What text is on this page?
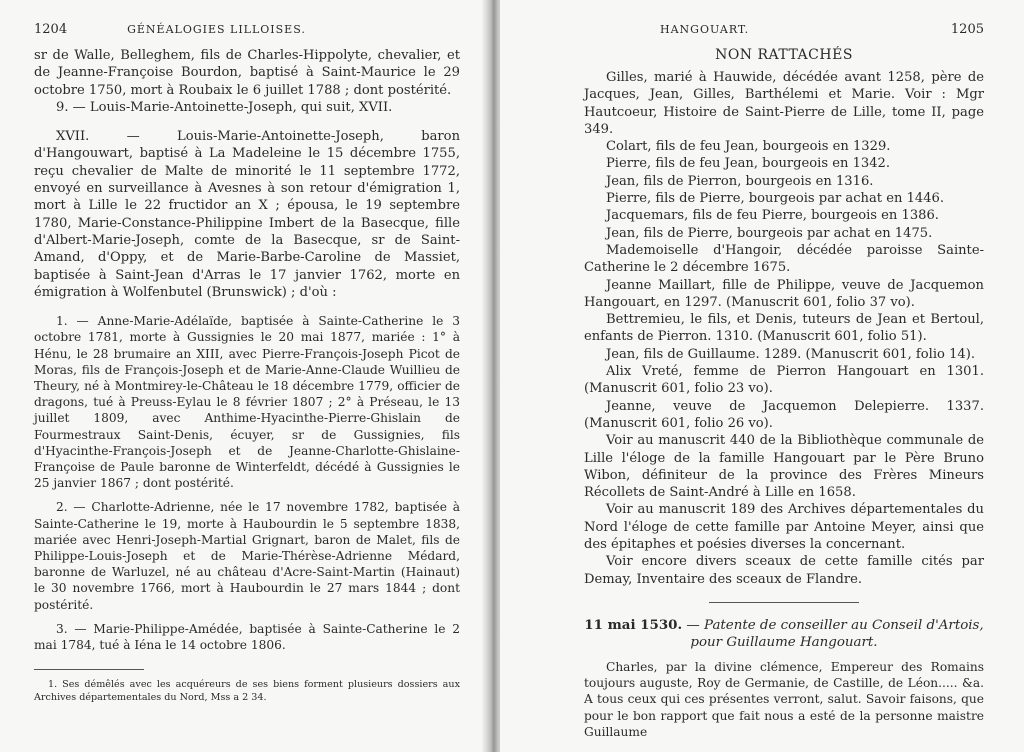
1204	GÉNÉALOGIES LILLOISES.

sr de Walle, Belleghem, fils de Charles-Hippolyte, chevalier, et de Jeanne-Françoise Bourdon, baptisé à Saint-Maurice le 29 octobre 1750, mort à Roubaix le 6 juillet 1788 ; dont postérité.

9. — Louis-Marie-Antoinette-Joseph, qui suit, XVII.

XVII. — Louis-Marie-Antoinette-Joseph, baron d'Hangouwart, baptisé à La Madeleine le 15 décembre 1755, reçu chevalier de Malte de minorité le 11 septembre 1772, envoyé en surveillance à Avesnes à son retour d'émigration 1, mort à Lille le 22 fructidor an X ; épousa, le 19 septembre 1780, Marie-Constance-Philippine Imbert de la Basecque, fille d'Albert-Marie-Joseph, comte de la Basecque, sr de Saint-Amand, d'Oppy, et de Marie-Barbe-Caroline de Massiet, baptisée à Saint-Jean d'Arras le 17 janvier 1762, morte en émigration à Wolfenbutel (Brunswick) ; d'où :

1. — Anne-Marie-Adélaïde, baptisée à Sainte-Catherine le 3 octobre 1781, morte à Gussignies le 20 mai 1877, mariée : 1° à Hénu, le 28 brumaire an XIII, avec Pierre-François-Joseph Picot de Moras, fils de François-Joseph et de Marie-Anne-Claude Wuillieu de Theury, né à Montmirey-le-Château le 18 décembre 1779, officier de dragons, tué à Preuss-Eylau le 8 février 1807 ; 2° à Préseau, le 13 juillet 1809, avec Anthime-Hyacinthe-Pierre-Ghislain de Fourmestraux Saint-Denis, écuyer, sr de Gussignies, fils d'Hyacinthe-François-Joseph et de Jeanne-Charlotte-Ghislaine-Françoise de Paule baronne de Winterfeldt, décédé à Gussignies le 25 janvier 1867 ; dont postérité.

2. — Charlotte-Adrienne, née le 17 novembre 1782, baptisée à Sainte-Catherine le 19, morte à Haubourdin le 5 septembre 1838, mariée avec Henri-Joseph-Martial Grignart, baron de Malet, fils de Philippe-Louis-Joseph et de Marie-Thérèse-Adrienne Médard, baronne de Warluzel, né au château d'Acre-Saint-Martin (Hainaut) le 30 novembre 1766, mort à Haubourdin le 27 mars 1844 ; dont postérité.

3. — Marie-Philippe-Amédée, baptisée à Sainte-Catherine le 2 mai 1784, tué à Iéna le 14 octobre 1806.

1. Ses démêlés avec les acquéreurs de ses biens forment plusieurs dossiers aux Archives départementales du Nord, Mss a 2 34.

HANGOUART.	1205
NON RATTACHÉS

Gilles, marié à Hauwide, décédée avant 1258, père de Jacques, Jean, Gilles, Barthélemi et Marie. Voir : Mgr Hautcoeur, Histoire de Saint-Pierre de Lille, tome II, page 349.

Colart, fils de feu Jean, bourgeois en 1329.

Pierre, fils de feu Jean, bourgeois en 1342.

Jean, fils de Pierron, bourgeois en 1316.

Pierre, fils de Pierre, bourgeois par achat en 1446.

Jacquemars, fils de feu Pierre, bourgeois en 1386.

Jean, fils de Pierre, bourgeois par achat en 1475.

Mademoiselle d'Hangoir, décédée paroisse Sainte-Catherine le 2 décembre 1675.

Jeanne Maillart, fille de Philippe, veuve de Jacquemon Hangouart, en 1297. (Manuscrit 601, folio 37 vo).

Bettremieu, le fils, et Denis, tuteurs de Jean et Bertoul, enfants de Pierron. 1310. (Manuscrit 601, folio 51).

Jean, fils de Guillaume. 1289. (Manuscrit 601, folio 14).

Alix Vreté, femme de Pierron Hangouart en 1301. (Manuscrit 601, folio 23 vo).

Jeanne, veuve de Jacquemon Delepierre. 1337. (Manuscrit 601, folio 26 vo).

Voir au manuscrit 440 de la Bibliothèque communale de Lille l'éloge de la famille Hangouart par le Père Bruno Wibon, définiteur de la province des Frères Mineurs Récollets de Saint-André à Lille en 1658.

Voir au manuscrit 189 des Archives départementales du Nord l'éloge de cette famille par Antoine Meyer, ainsi que des épitaphes et poésies diverses la concernant.

Voir encore divers sceaux de cette famille cités par Demay, Inventaire des sceaux de Flandre.

11 mai 1530. — Patente de conseiller au Conseil d'Artois, pour Guillaume Hangouart.

Charles, par la divine clémence, Empereur des Romains toujours auguste, Roy de Germanie, de Castille, de Léon..... &a. A tous ceux qui ces présentes verront, salut. Savoir faisons, que pour le bon rapport que fait nous a esté de la personne maistre Guillaume
